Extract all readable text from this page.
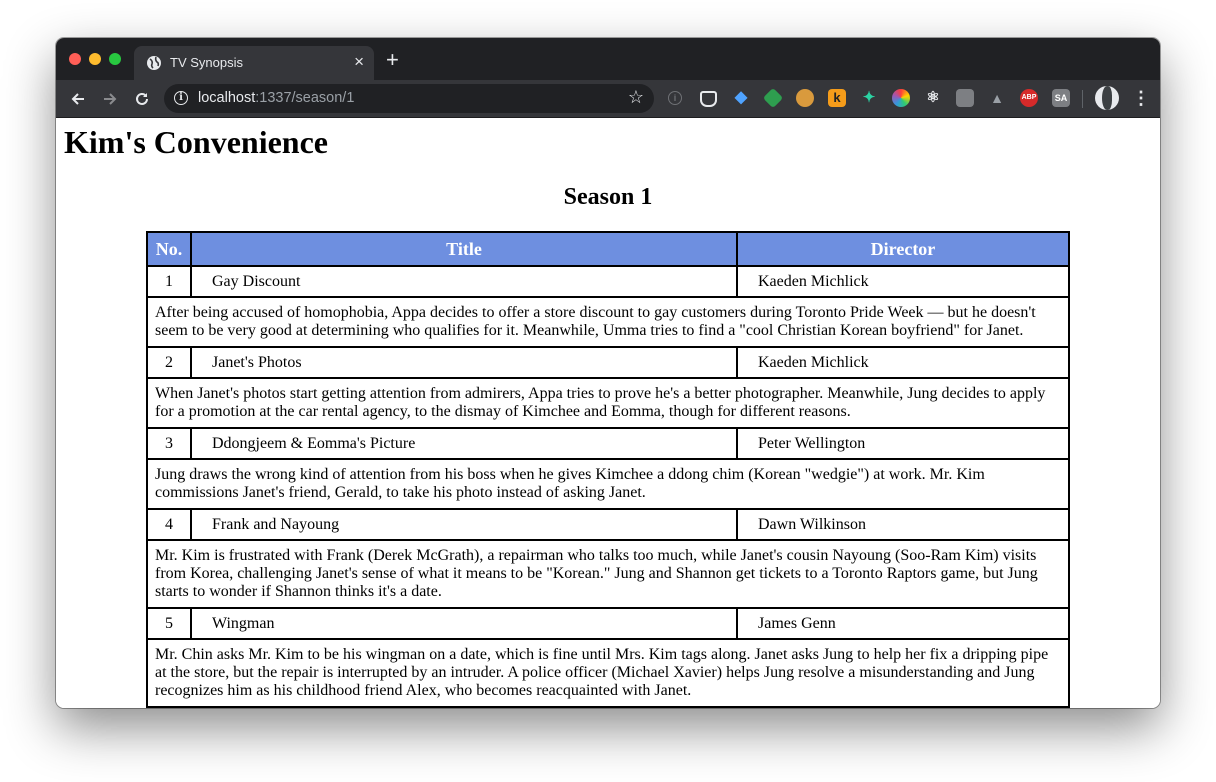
TV Synopsis	× +
i	localhost:1337/season/1	☆	i	◆	k	✦	⚛	▲	ABP	SA	⋮
Kim's Convenience
Season 1
No.	Title	Director
1	Gay Discount	Kaeden Michlick
After being accused of homophobia, Appa decides to offer a store discount to gay customers during Toronto Pride Week — but he doesn't seem to be very good at determining who qualifies for it. Meanwhile, Umma tries to find a "cool Christian Korean boyfriend" for Janet.		
2	Janet's Photos	Kaeden Michlick
When Janet's photos start getting attention from admirers, Appa tries to prove he's a better photographer. Meanwhile, Jung decides to apply for a promotion at the car rental agency, to the dismay of Kimchee and Eomma, though for different reasons.		
3	Ddongjeem & Eomma's Picture	Peter Wellington
Jung draws the wrong kind of attention from his boss when he gives Kimchee a ddong chim (Korean "wedgie") at work. Mr. Kim commissions Janet's friend, Gerald, to take his photo instead of asking Janet.		
4	Frank and Nayoung	Dawn Wilkinson
Mr. Kim is frustrated with Frank (Derek McGrath), a repairman who talks too much, while Janet's cousin Nayoung (Soo-Ram Kim) visits from Korea, challenging Janet's sense of what it means to be "Korean." Jung and Shannon get tickets to a Toronto Raptors game, but Jung starts to wonder if Shannon thinks it's a date.		
5	Wingman	James Genn
Mr. Chin asks Mr. Kim to be his wingman on a date, which is fine until Mrs. Kim tags along. Janet asks Jung to help her fix a dripping pipe at the store, but the repair is interrupted by an intruder. A police officer (Michael Xavier) helps Jung resolve a misunderstanding and Jung recognizes him as his childhood friend Alex, who becomes reacquainted with Janet.		
